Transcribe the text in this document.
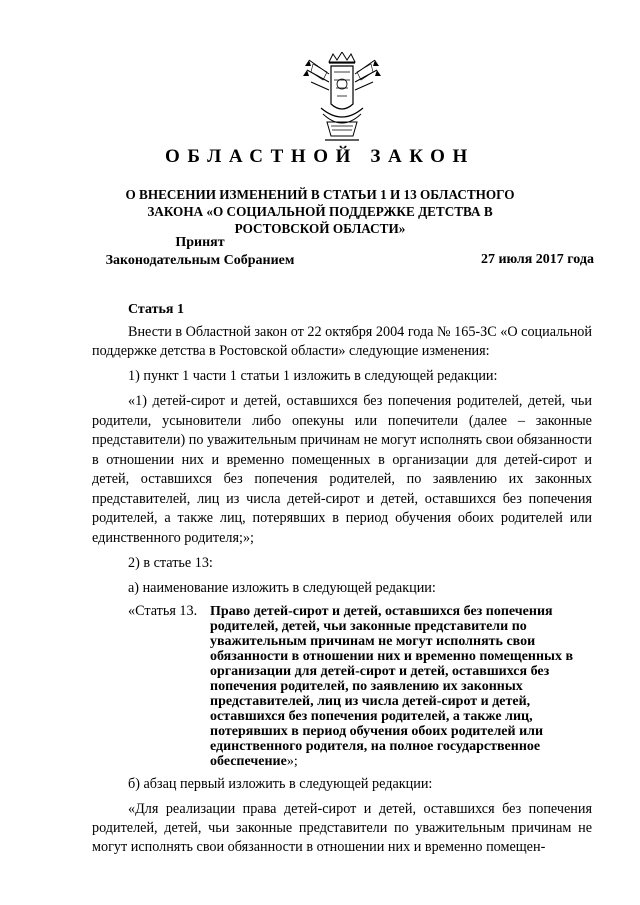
ОБЛАСТНОЙ ЗАКОН
О ВНЕСЕНИИ ИЗМЕНЕНИЙ В СТАТЬИ 1 И 13 ОБЛАСТНОГО ЗАКОНА «О СОЦИАЛЬНОЙ ПОДДЕРЖКЕ ДЕТСТВА В РОСТОВСКОЙ ОБЛАСТИ»
Принят
Законодательным Собранием	27 июля 2017 года
Статья 1

Внести в Областной закон от 22 октября 2004 года № 165-ЗС «О социальной поддержке детства в Ростовской области» следующие изменения:

1) пункт 1 части 1 статьи 1 изложить в следующей редакции:

«1) детей-сирот и детей, оставшихся без попечения родителей, детей, чьи родители, усыновители либо опекуны или попечители (далее – законные представители) по уважительным причинам не могут исполнять свои обязанности в отношении них и временно помещенных в организации для детей-сирот и детей, оставшихся без попечения родителей, по заявлению их законных представителей, лиц из числа детей-сирот и детей, оставшихся без попечения родителей, а также лиц, потерявших в период обучения обоих родителей или единственного родителя;»;

2) в статье 13:

а) наименование изложить в следующей редакции:

«Статья 13. Право детей-сирот и детей, оставшихся без попечения родителей, детей, чьи законные представители по уважительным причинам не могут исполнять свои обязанности в отношении них и временно помещенных в организации для детей-сирот и детей, оставшихся без попечения родителей, по заявлению их законных представителей, лиц из числа детей-сирот и детей, оставшихся без попечения родителей, а также лиц, потерявших в период обучения обоих родителей или единственного родителя, на полное государственное обеспечение»;

б) абзац первый изложить в следующей редакции:

«Для реализации права детей-сирот и детей, оставшихся без попечения родителей, детей, чьи законные представители по уважительным причинам не могут исполнять свои обязанности в отношении них и временно помещен-
